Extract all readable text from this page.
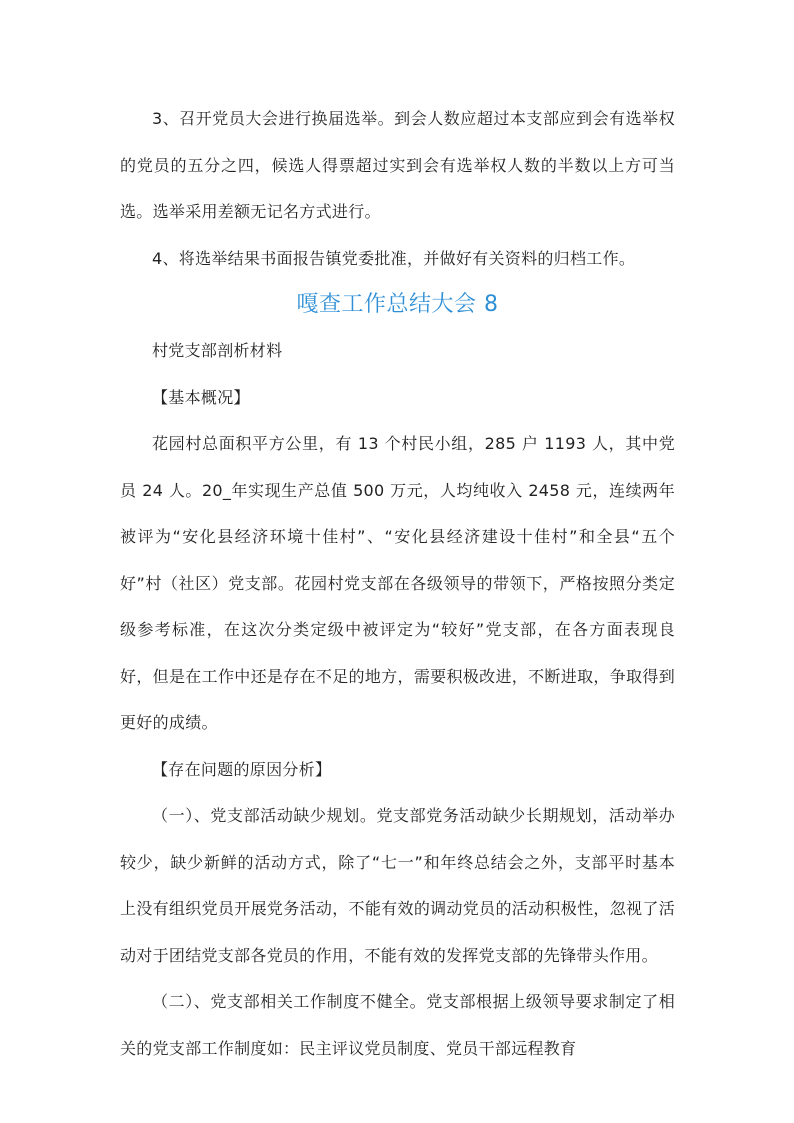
3、召开党员大会进行换届选举。到会人数应超过本支部应到会有选举权的党员的五分之四，候选人得票超过实到会有选举权人数的半数以上方可当选。选举采用差额无记名方式进行。

4、将选举结果书面报告镇党委批准，并做好有关资料的归档工作。

嘎查工作总结大会 8

村党支部剖析材料

【基本概况】

花园村总面积平方公里，有 13 个村民小组，285 户 1193 人，其中党员 24 人。20_年实现生产总值 500 万元，人均纯收入 2458 元，连续两年被评为“安化县经济环境十佳村”、“安化县经济建设十佳村”和全县“五个好”村（社区）党支部。花园村党支部在各级领导的带领下，严格按照分类定级参考标准，在这次分类定级中被评定为“较好”党支部，在各方面表现良好，但是在工作中还是存在不足的地方，需要积极改进，不断进取，争取得到更好的成绩。

【存在问题的原因分析】

（一）、党支部活动缺少规划。党支部党务活动缺少长期规划，活动举办较少，缺少新鲜的活动方式，除了“七一”和年终总结会之外，支部平时基本上没有组织党员开展党务活动，不能有效的调动党员的活动积极性，忽视了活动对于团结党支部各党员的作用，不能有效的发挥党支部的先锋带头作用。

（二）、党支部相关工作制度不健全。党支部根据上级领导要求制定了相关的党支部工作制度如：民主评议党员制度、党员干部远程教育
